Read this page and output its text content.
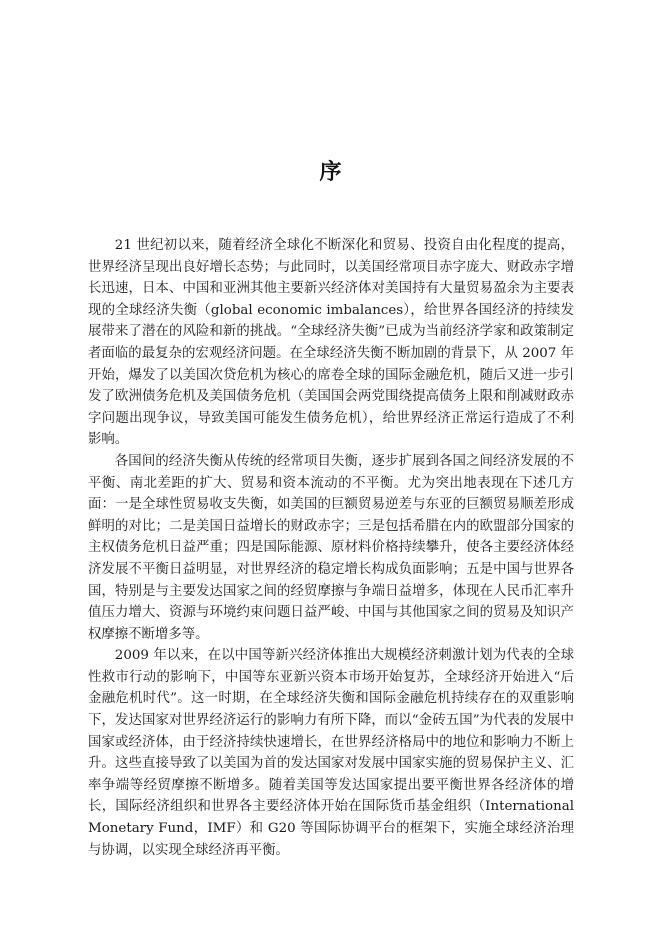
序

21 世纪初以来，随着经济全球化不断深化和贸易、投资自由化程度的提高，世界经济呈现出良好增长态势；与此同时，以美国经常项目赤字庞大、财政赤字增长迅速，日本、中国和亚洲其他主要新兴经济体对美国持有大量贸易盈余为主要表现的全球经济失衡（global economic imbalances），给世界各国经济的持续发展带来了潜在的风险和新的挑战。“全球经济失衡”已成为当前经济学家和政策制定者面临的最复杂的宏观经济问题。在全球经济失衡不断加剧的背景下，从 2007 年开始，爆发了以美国次贷危机为核心的席卷全球的国际金融危机，随后又进一步引发了欧洲债务危机及美国债务危机（美国国会两党围绕提高债务上限和削减财政赤字问题出现争议，导致美国可能发生债务危机），给世界经济正常运行造成了不利影响。

各国间的经济失衡从传统的经常项目失衡，逐步扩展到各国之间经济发展的不平衡、南北差距的扩大、贸易和资本流动的不平衡。尤为突出地表现在下述几方面：一是全球性贸易收支失衡，如美国的巨额贸易逆差与东亚的巨额贸易顺差形成鲜明的对比；二是美国日益增长的财政赤字；三是包括希腊在内的欧盟部分国家的主权债务危机日益严重；四是国际能源、原材料价格持续攀升，使各主要经济体经济发展不平衡日益明显，对世界经济的稳定增长构成负面影响；五是中国与世界各国，特别是与主要发达国家之间的经贸摩擦与争端日益增多，体现在人民币汇率升值压力增大、资源与环境约束问题日益严峻、中国与其他国家之间的贸易及知识产权摩擦不断增多等。

2009 年以来，在以中国等新兴经济体推出大规模经济刺激计划为代表的全球性救市行动的影响下，中国等东亚新兴资本市场开始复苏，全球经济开始进入“后金融危机时代”。这一时期，在全球经济失衡和国际金融危机持续存在的双重影响下，发达国家对世界经济运行的影响力有所下降，而以“金砖五国”为代表的发展中国家或经济体，由于经济持续快速增长，在世界经济格局中的地位和影响力不断上升。这些直接导致了以美国为首的发达国家对发展中国家实施的贸易保护主义、汇率争端等经贸摩擦不断增多。随着美国等发达国家提出要平衡世界各经济体的增长，国际经济组织和世界各主要经济体开始在国际货币基金组织（International Monetary Fund，IMF）和 G20 等国际协调平台的框架下，实施全球经济治理与协调，以实现全球经济再平衡。
